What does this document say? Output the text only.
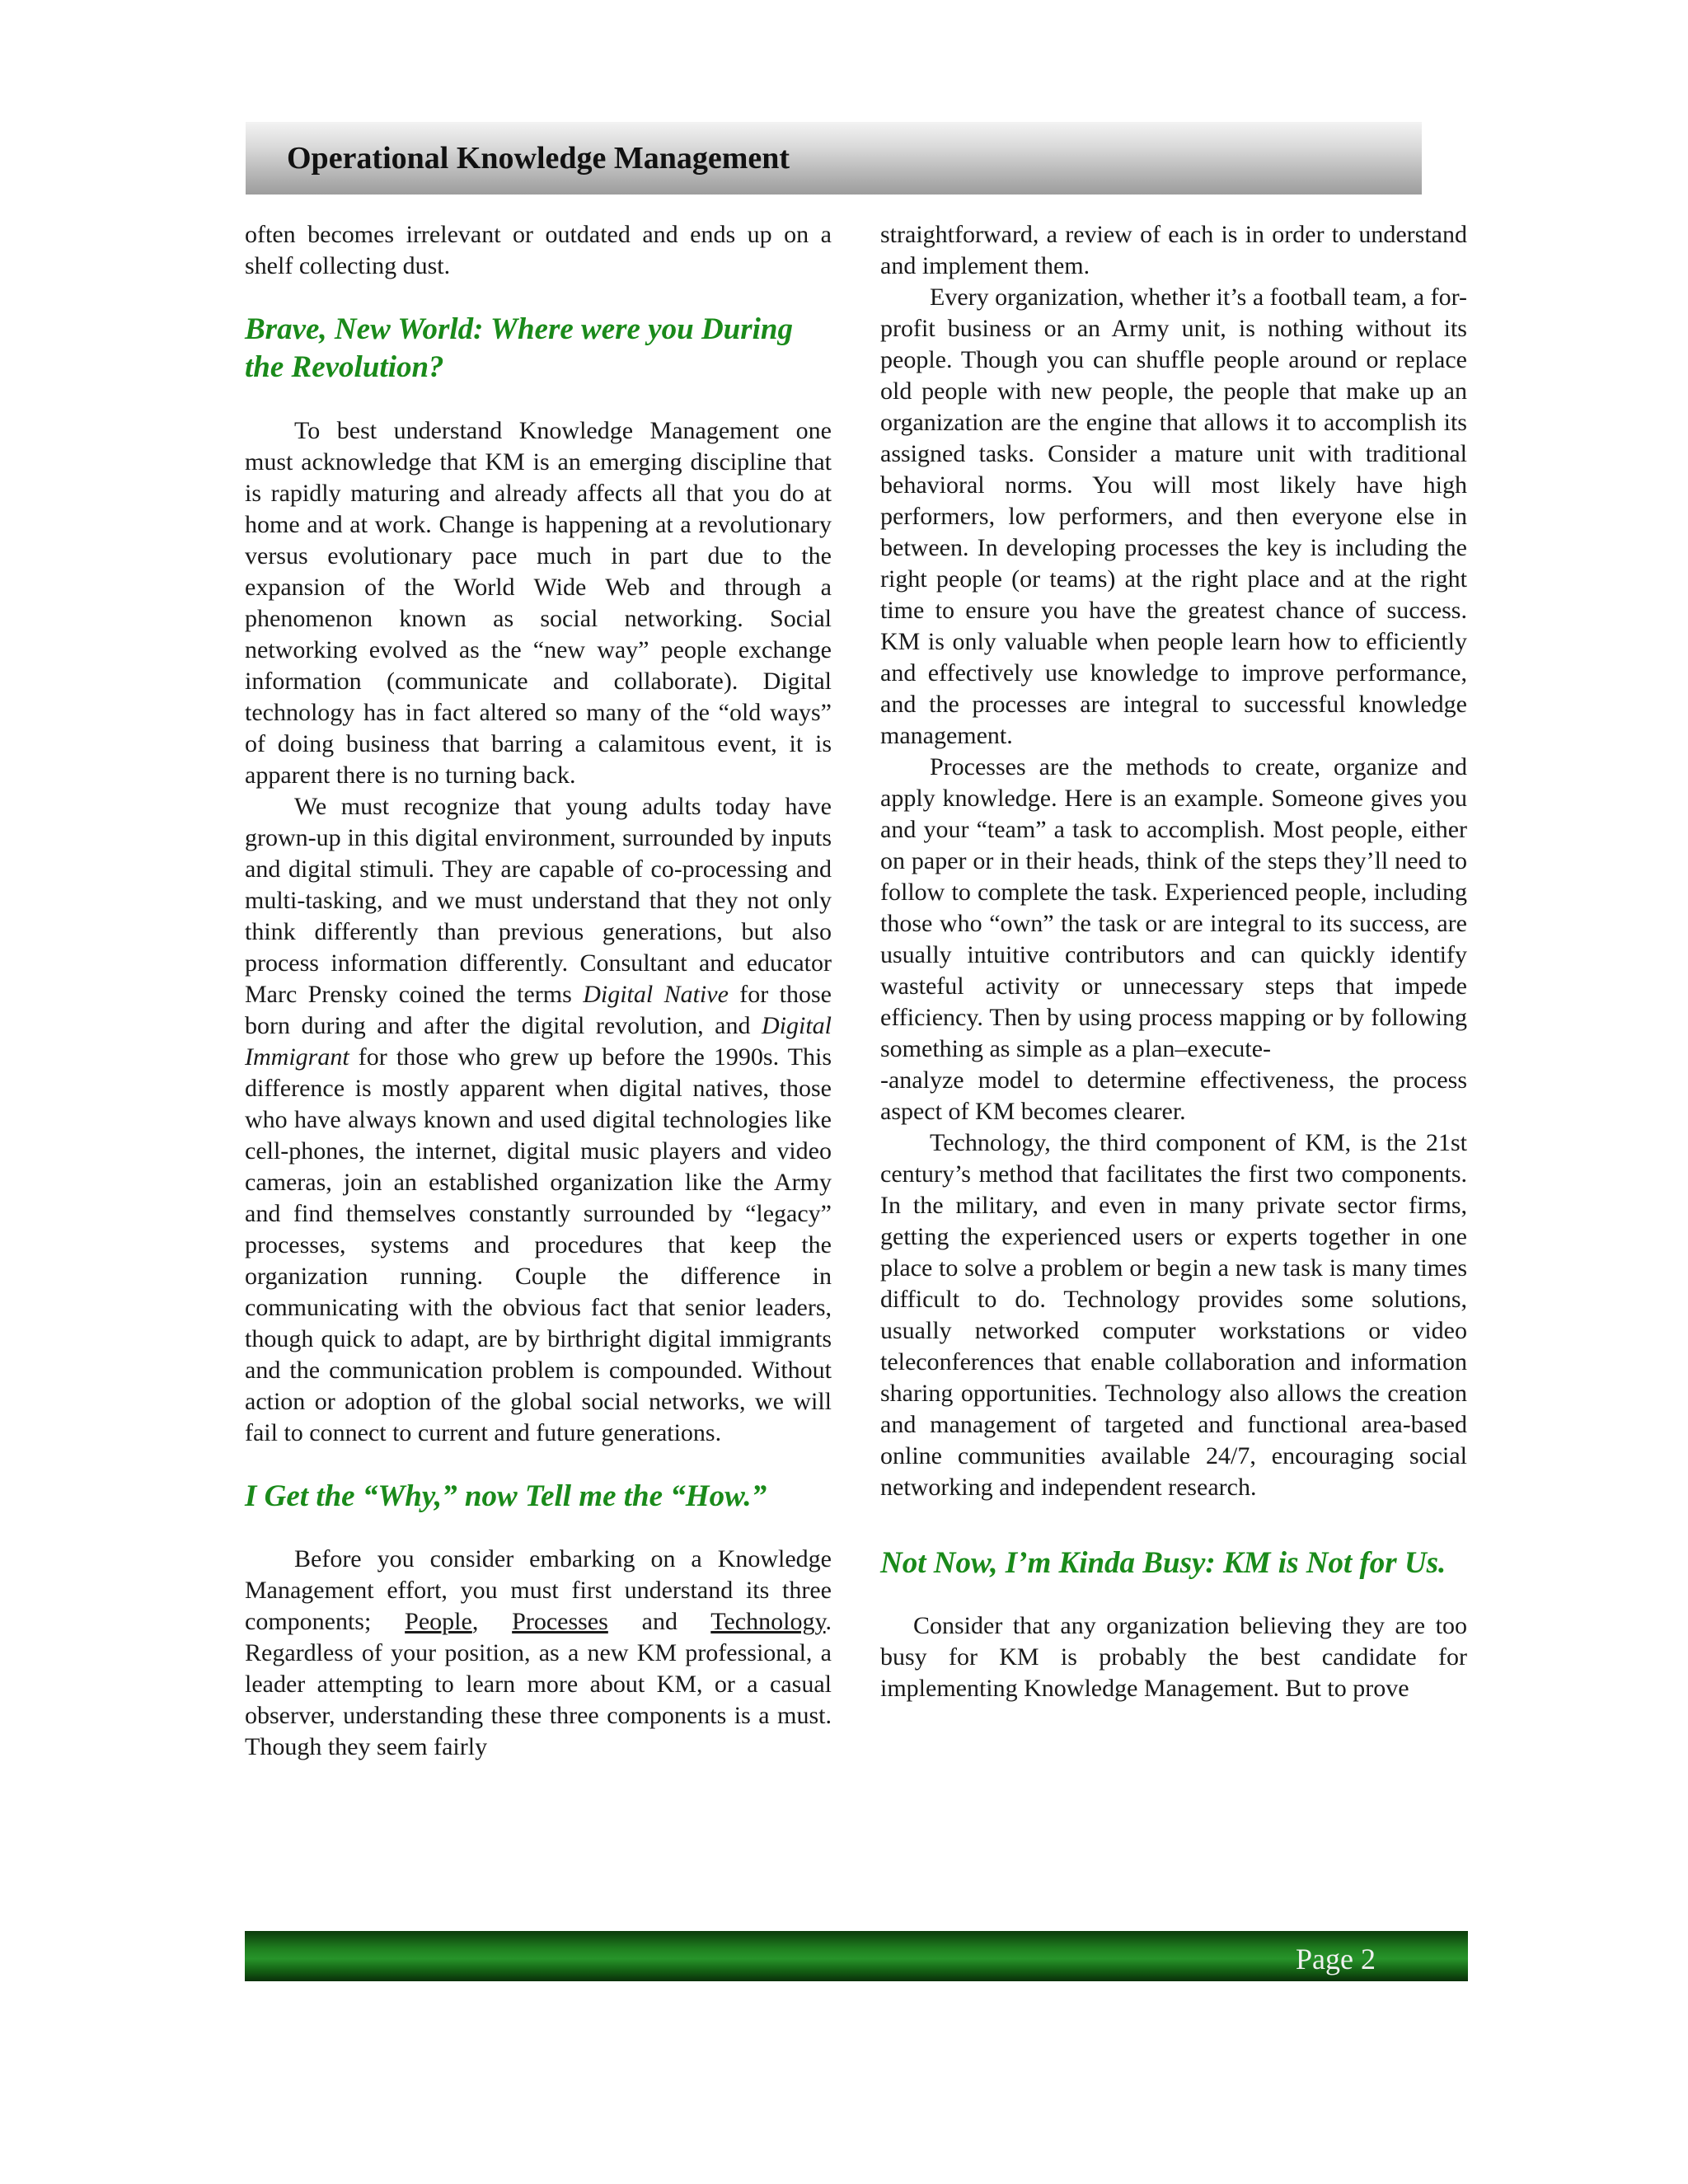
Operational Knowledge Management

often becomes irrelevant or outdated and ends up on a shelf collecting dust.

Brave, New World: Where were you During the Revolution?

To best understand Knowledge Management one must acknowledge that KM is an emerging discipline that is rapidly maturing and already affects all that you do at home and at work. Change is happening at a revolutionary versus evolutionary pace much in part due to the expansion of the World Wide Web and through a phenomenon known as social networking. Social networking evolved as the “new way” people exchange information (communicate and collaborate). Digital technology has in fact altered so many of the “old ways” of doing business that barring a calamitous event, it is apparent there is no turning back.

We must recognize that young adults today have grown-up in this digital environment, surrounded by inputs and digital stimuli. They are capable of co-processing and multi-tasking, and we must understand that they not only think differently than previous generations, but also process information differently. Consultant and educator Marc Prensky coined the terms Digital Native for those born during and after the digital revolution, and Digital Immigrant for those who grew up before the 1990s. This difference is mostly apparent when digital natives, those who have always known and used digital technologies like cell-phones, the internet, digital music players and video cameras, join an established organization like the Army and find themselves constantly surrounded by “legacy” processes, systems and procedures that keep the organization running. Couple the difference in communicating with the obvious fact that senior leaders, though quick to adapt, are by birthright digital immigrants and the communication problem is compounded. Without action or adoption of the global social networks, we will fail to connect to current and future generations.

I Get the “Why,” now Tell me the “How.”

Before you consider embarking on a Knowledge Management effort, you must first understand its three components; People, Processes and Technology. Regardless of your position, as a new KM professional, a leader attempting to learn more about KM, or a casual observer, understanding these three components is a must. Though they seem fairly

straightforward, a review of each is in order to understand and implement them.

Every organization, whether it’s a football team, a for-profit business or an Army unit, is nothing without its people. Though you can shuffle people around or replace old people with new people, the people that make up an organization are the engine that allows it to accomplish its assigned tasks. Consider a mature unit with traditional behavioral norms. You will most likely have high performers, low performers, and then everyone else in between. In developing processes the key is including the right people (or teams) at the right place and at the right time to ensure you have the greatest chance of success. KM is only valuable when people learn how to efficiently and effectively use knowledge to improve performance, and the processes are integral to successful knowledge management.

Processes are the methods to create, organize and apply knowledge. Here is an example. Someone gives you and your “team” a task to accomplish. Most people, either on paper or in their heads, think of the steps they’ll need to follow to complete the task. Experienced people, including those who “own” the task or are integral to its success, are usually intuitive contributors and can quickly identify wasteful activity or unnecessary steps that impede efficiency. Then by using process mapping or by following something as simple as a plan–execute-

-analyze model to determine effectiveness, the process aspect of KM becomes clearer.

Technology, the third component of KM, is the 21st century’s method that facilitates the first two components. In the military, and even in many private sector firms, getting the experienced users or experts together in one place to solve a problem or begin a new task is many times difficult to do. Technology provides some solutions, usually networked computer workstations or video teleconferences that enable collaboration and information sharing opportunities. Technology also allows the creation and management of targeted and functional area-based online communities available 24/7, encouraging social networking and independent research.

Not Now, I’m Kinda Busy: KM is Not for Us.

Consider that any organization believing they are too busy for KM is probably the best candidate for implementing Knowledge Management. But to prove

Page 2
